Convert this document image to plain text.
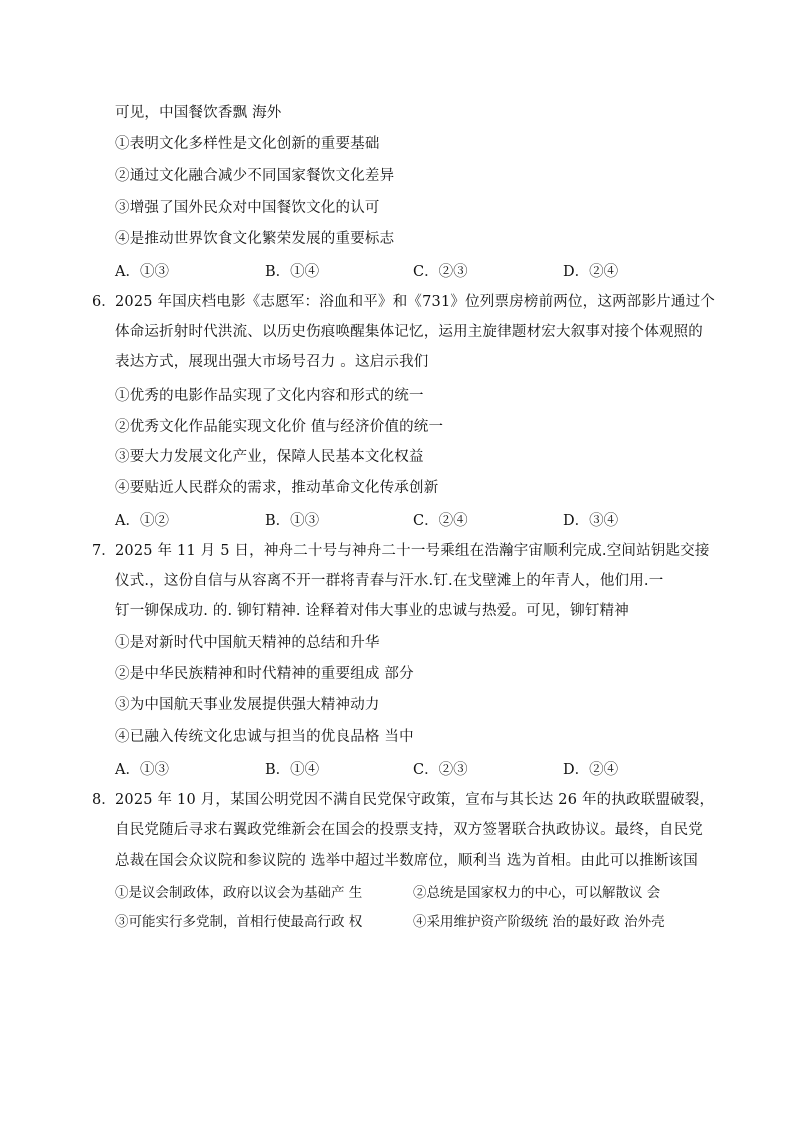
可见，中国餐饮香飘 海外
①表明文化多样性是文化创新的重要基础
②通过文化融合减少不同国家餐饮文化差异
③增强了国外民众对中国餐饮文化的认可
④是推动世界饮食文化繁荣发展的重要标志
A．①③	B．①④	C．②③	D．②④
6． 2025 年国庆档电影《志愿军：浴血和平》和《731》位列票房榜前两位，这两部影片通过个
体命运折射时代洪流、以历史伤痕唤醒集体记忆，运用主旋律题材宏大叙事对接个体观照的
表达方式，展现出强大市场号召力 。这启示我们
①优秀的电影作品实现了文化内容和形式的统一
②优秀文化作品能实现文化价 值与经济价值的统一
③要大力发展文化产业，保障人民基本文化权益
④要贴近人民群众的需求，推动革命文化传承创新
A．①②	B．①③	C．②④	D．③④
7． 2025 年 11 月 5 日，神舟二十号与神舟二十一号乘组在浩瀚宇宙顺利完成.空间站钥匙交接
仪式.，这份自信与从容离不开一群将青春与汗水.钉.在戈壁滩上的年青人，他们用.一
钉一铆保成功. 的. 铆钉精神. 诠释着对伟大事业的忠诚与热爱。可见，铆钉精神
①是对新时代中国航天精神的总结和升华
②是中华民族精神和时代精神的重要组成 部分
③为中国航天事业发展提供强大精神动力
④已融入传统文化忠诚与担当的优良品格 当中
A．①③	B．①④	C．②③	D．②④
8． 2025 年 10 月，某国公明党因不满自民党保守政策，宣布与其长达 26 年的执政联盟破裂，
自民党随后寻求右翼政党维新会在国会的投票支持，双方签署联合执政协议。最终，自民党
总裁在国会众议院和参议院的 选举中超过半数席位，顺利当 选为首相。由此可以推断该国
①是议会制政体，政府以议会为基础产 生	②总统是国家权力的中心，可以解散议 会
③可能实行多党制，首相行使最高行政 权	④采用维护资产阶级统 治的最好政 治外壳
